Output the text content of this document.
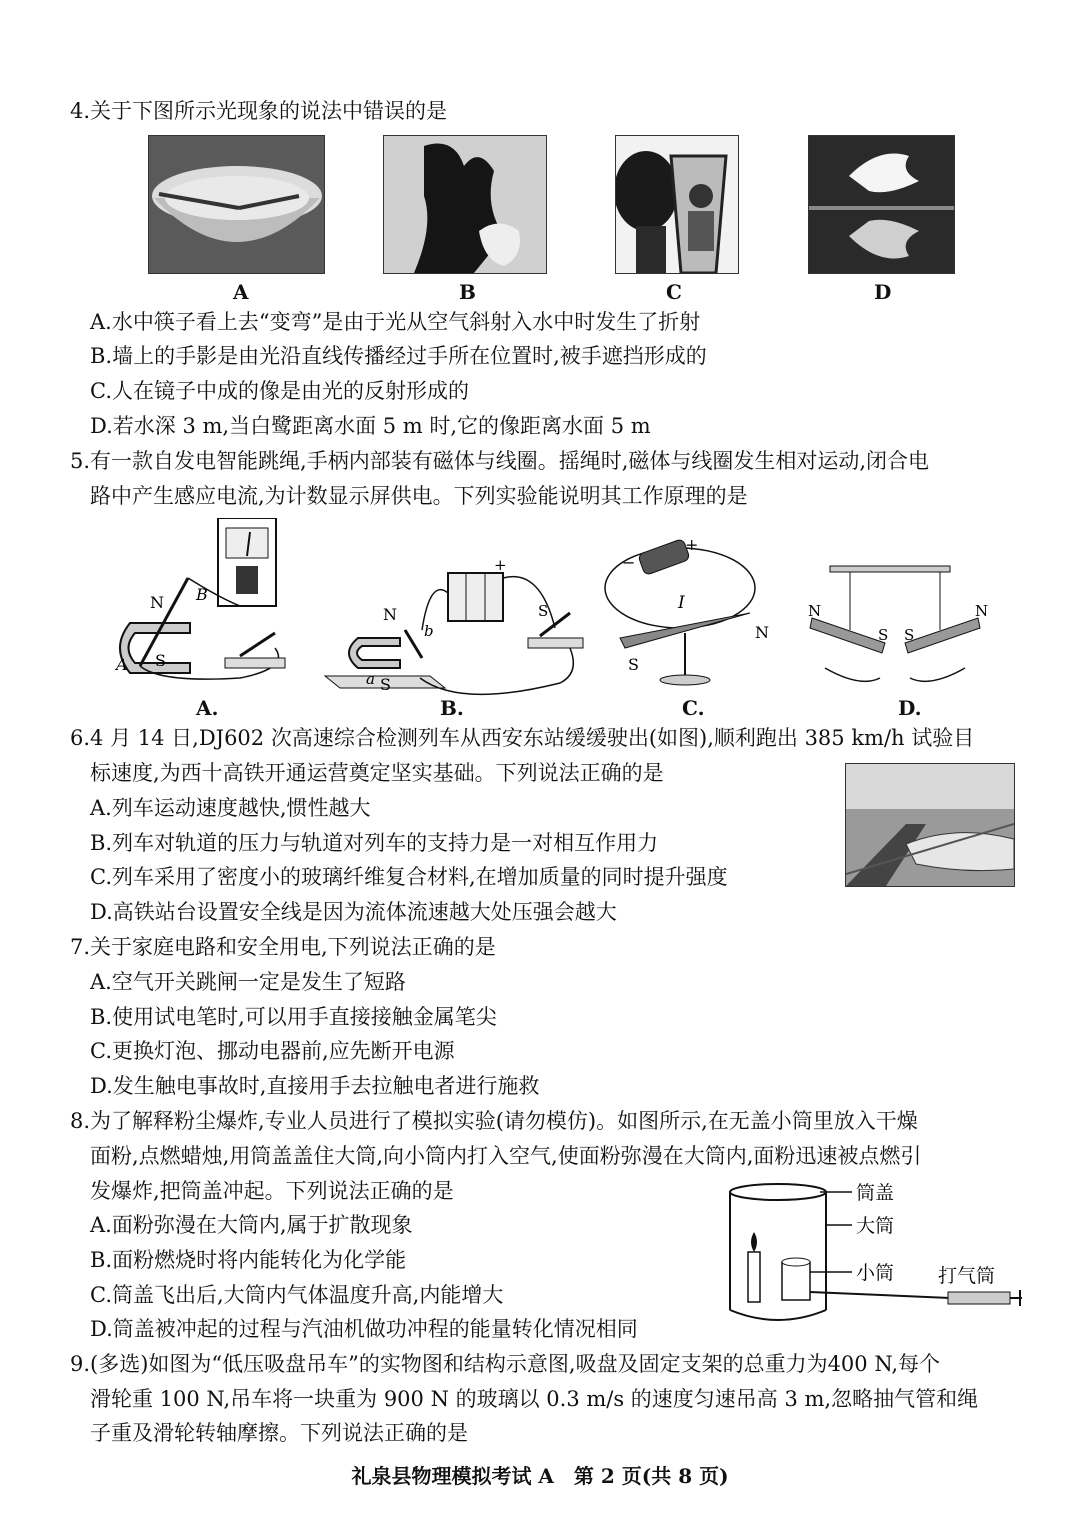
4.关于下图所示光现象的说法中错误的是
A	B	C	D
A.水中筷子看上去“变弯”是由于光从空气斜射入水中时发生了折射
B.墙上的手影是由光沿直线传播经过手所在位置时,被手遮挡形成的
C.人在镜子中成的像是由光的反射形成的
D.若水深 3 m,当白鹭距离水面 5 m 时,它的像距离水面 5 m
5.有一款自发电智能跳绳,手柄内部装有磁体与线圈。摇绳时,磁体与线圈发生相对运动,闭合电
路中产生感应电流,为计数显示屏供电。下列实验能说明其工作原理的是
N
S
B
A
N
S
b
a
S
+	−
+
I
N
S
N
S S
N
A.	B.	C.	D.
6.4 月 14 日,DJ602 次高速综合检测列车从西安东站缓缓驶出(如图),顺利跑出 385 km/h 试验目
标速度,为西十高铁开通运营奠定坚实基础。下列说法正确的是
A.列车运动速度越快,惯性越大
B.列车对轨道的压力与轨道对列车的支持力是一对相互作用力
C.列车采用了密度小的玻璃纤维复合材料,在增加质量的同时提升强度
D.高铁站台设置安全线是因为流体流速越大处压强会越大
7.关于家庭电路和安全用电,下列说法正确的是
A.空气开关跳闸一定是发生了短路
B.使用试电笔时,可以用手直接接触金属笔尖
C.更换灯泡、挪动电器前,应先断开电源
D.发生触电事故时,直接用手去拉触电者进行施救
8.为了解释粉尘爆炸,专业人员进行了模拟实验(请勿模仿)。如图所示,在无盖小筒里放入干燥
面粉,点燃蜡烛,用筒盖盖住大筒,向小筒内打入空气,使面粉弥漫在大筒内,面粉迅速被点燃引
发爆炸,把筒盖冲起。下列说法正确的是
A.面粉弥漫在大筒内,属于扩散现象
B.面粉燃烧时将内能转化为化学能
C.筒盖飞出后,大筒内气体温度升高,内能增大
D.筒盖被冲起的过程与汽油机做功冲程的能量转化情况相同
筒盖
大筒
小筒 打气筒
9.(多选)如图为“低压吸盘吊车”的实物图和结构示意图,吸盘及固定支架的总重力为400 N,每个
滑轮重 100 N,吊车将一块重为 900 N 的玻璃以 0.3 m/s 的速度匀速吊高 3 m,忽略抽气管和绳
子重及滑轮转轴摩擦。下列说法正确的是
礼泉县物理模拟考试 A　第 2 页(共 8 页)
